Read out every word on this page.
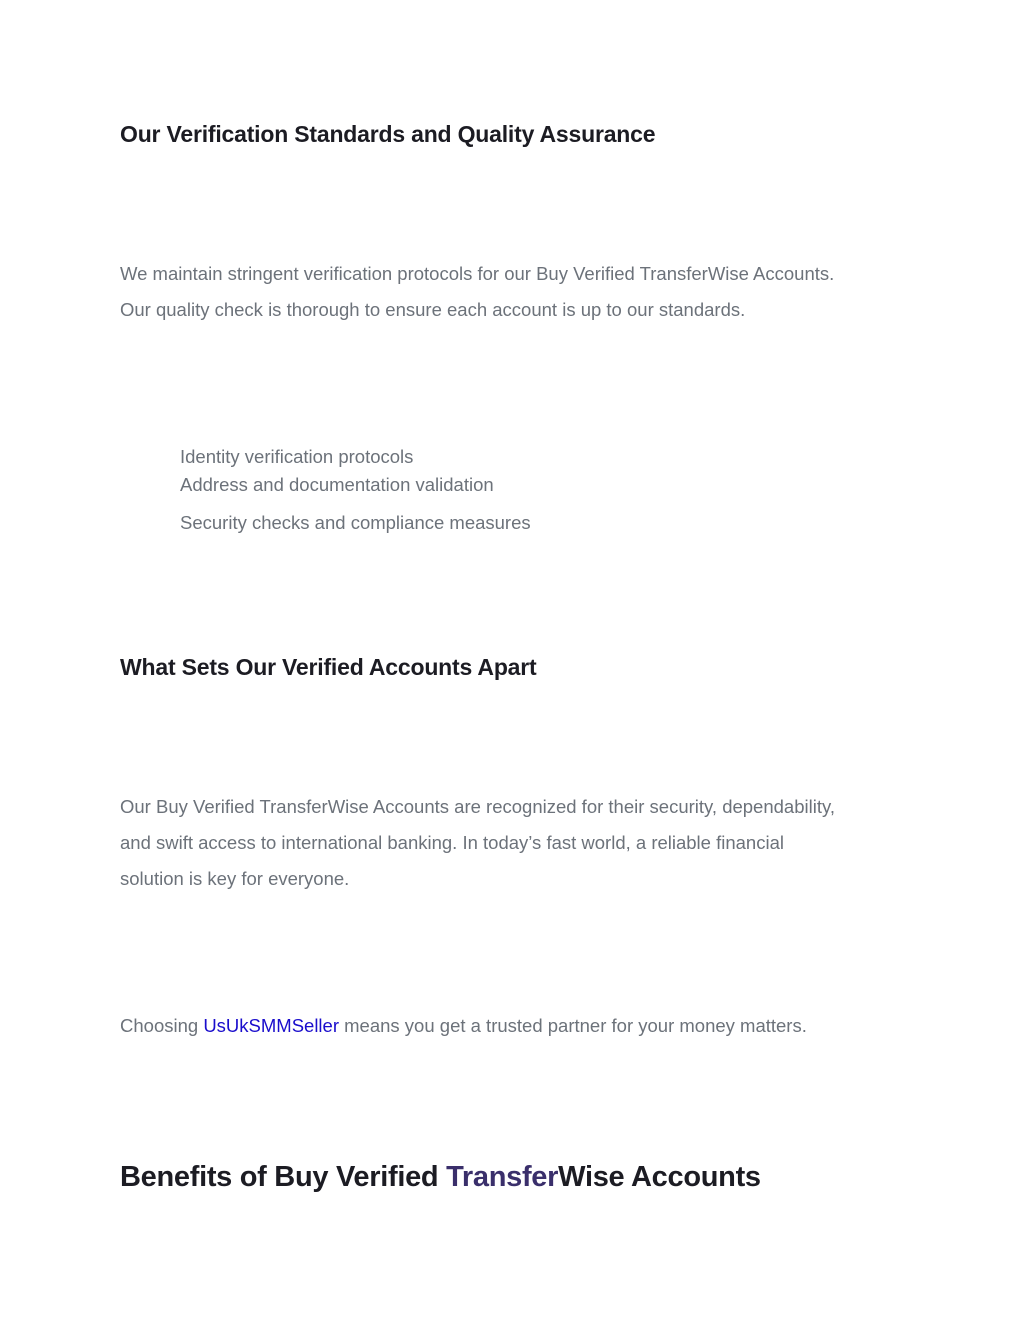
Our Verification Standards and Quality Assurance
We maintain stringent verification protocols for our Buy Verified TransferWise Accounts.
Our quality check is thorough to ensure each account is up to our standards.
Identity verification protocols
Address and documentation validation
Security checks and compliance measures
What Sets Our Verified Accounts Apart
Our Buy Verified TransferWise Accounts are recognized for their security, dependability,
and swift access to international banking. In today’s fast world, a reliable financial
solution is key for everyone.

Choosing UsUkSMMSeller means you get a trusted partner for your money matters.

Benefits of Buy Verified TransferWise Accounts
